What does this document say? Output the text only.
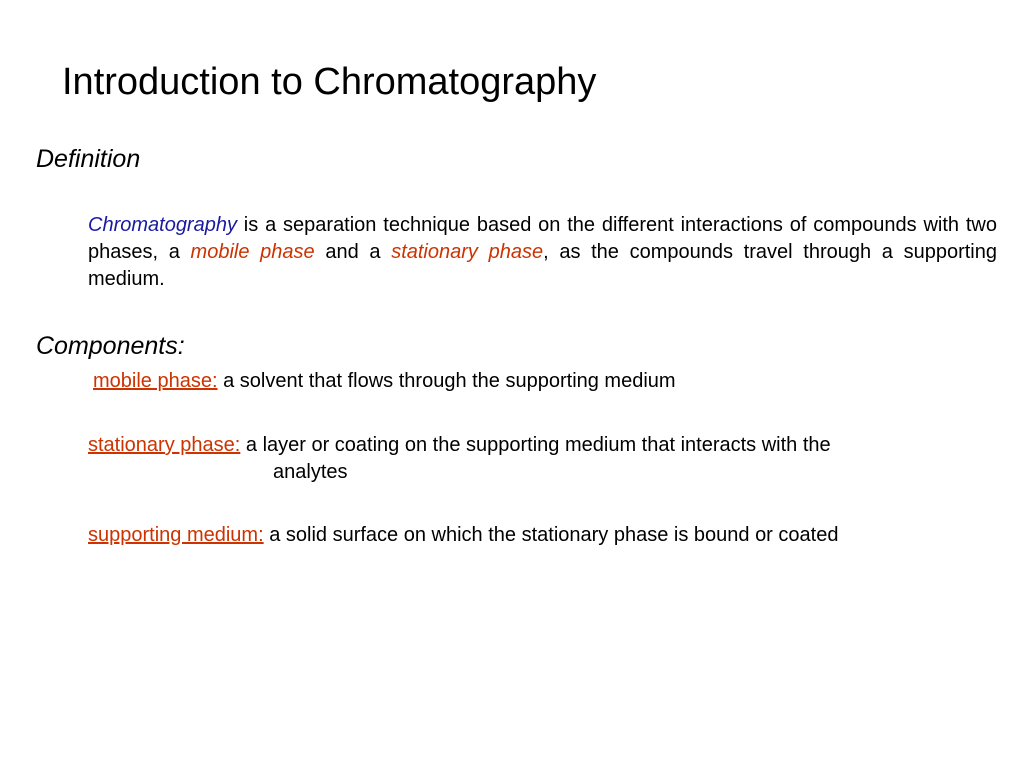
Introduction to Chromatography
Definition
Chromatography is a separation technique based on the different interactions of compounds with two phases, a mobile phase and a stationary phase, as the compounds travel through a supporting medium.
Components:
mobile phase: a solvent that flows through the supporting medium
stationary phase: a layer or coating on the supporting medium that interacts with the
analytes
supporting medium: a solid surface on which the stationary phase is bound or coated
